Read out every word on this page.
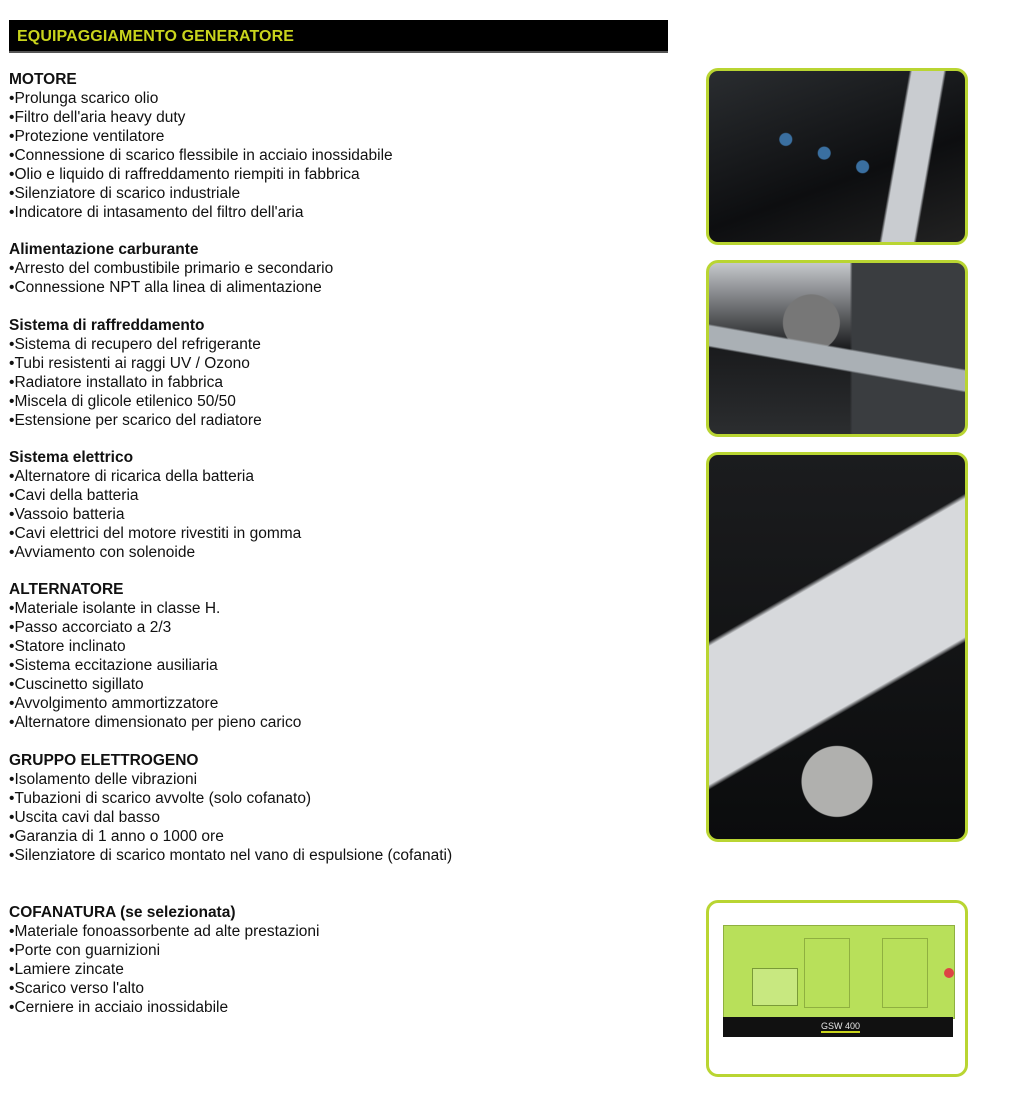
EQUIPAGGIAMENTO GENERATORE
MOTORE
• Prolunga scarico olio
• Filtro dell'aria heavy duty
• Protezione ventilatore
• Connessione di scarico flessibile in acciaio inossidabile
• Olio e liquido di raffreddamento riempiti in fabbrica
• Silenziatore di scarico industriale
• Indicatore di intasamento del filtro dell'aria
Alimentazione carburante
• Arresto del combustibile primario e secondario
• Connessione NPT alla linea di alimentazione
Sistema di raffreddamento
• Sistema di recupero del refrigerante
• Tubi resistenti ai raggi UV / Ozono
• Radiatore installato in fabbrica
• Miscela di glicole etilenico 50/50
• Estensione per scarico del radiatore
Sistema elettrico
• Alternatore di ricarica della batteria
• Cavi della batteria
• Vassoio batteria
• Cavi elettrici del motore rivestiti in gomma
• Avviamento con solenoide
ALTERNATORE
• Materiale isolante in classe H.
• Passo accorciato a 2/3
• Statore inclinato
• Sistema eccitazione ausiliaria
• Cuscinetto sigillato
• Avvolgimento ammortizzatore
• Alternatore dimensionato per pieno carico
GRUPPO ELETTROGENO
• Isolamento delle vibrazioni
• Tubazioni di scarico avvolte (solo cofanato)
• Uscita cavi dal basso
• Garanzia di 1 anno o 1000 ore
• Silenziatore di scarico montato nel vano di espulsione (cofanati)
COFANATURA (se selezionata)
• Materiale fonoassorbente ad alte prestazioni
• Porte con guarnizioni
• Lamiere zincate
• Scarico verso l'alto
• Cerniere in acciaio inossidabile
GSW 400
